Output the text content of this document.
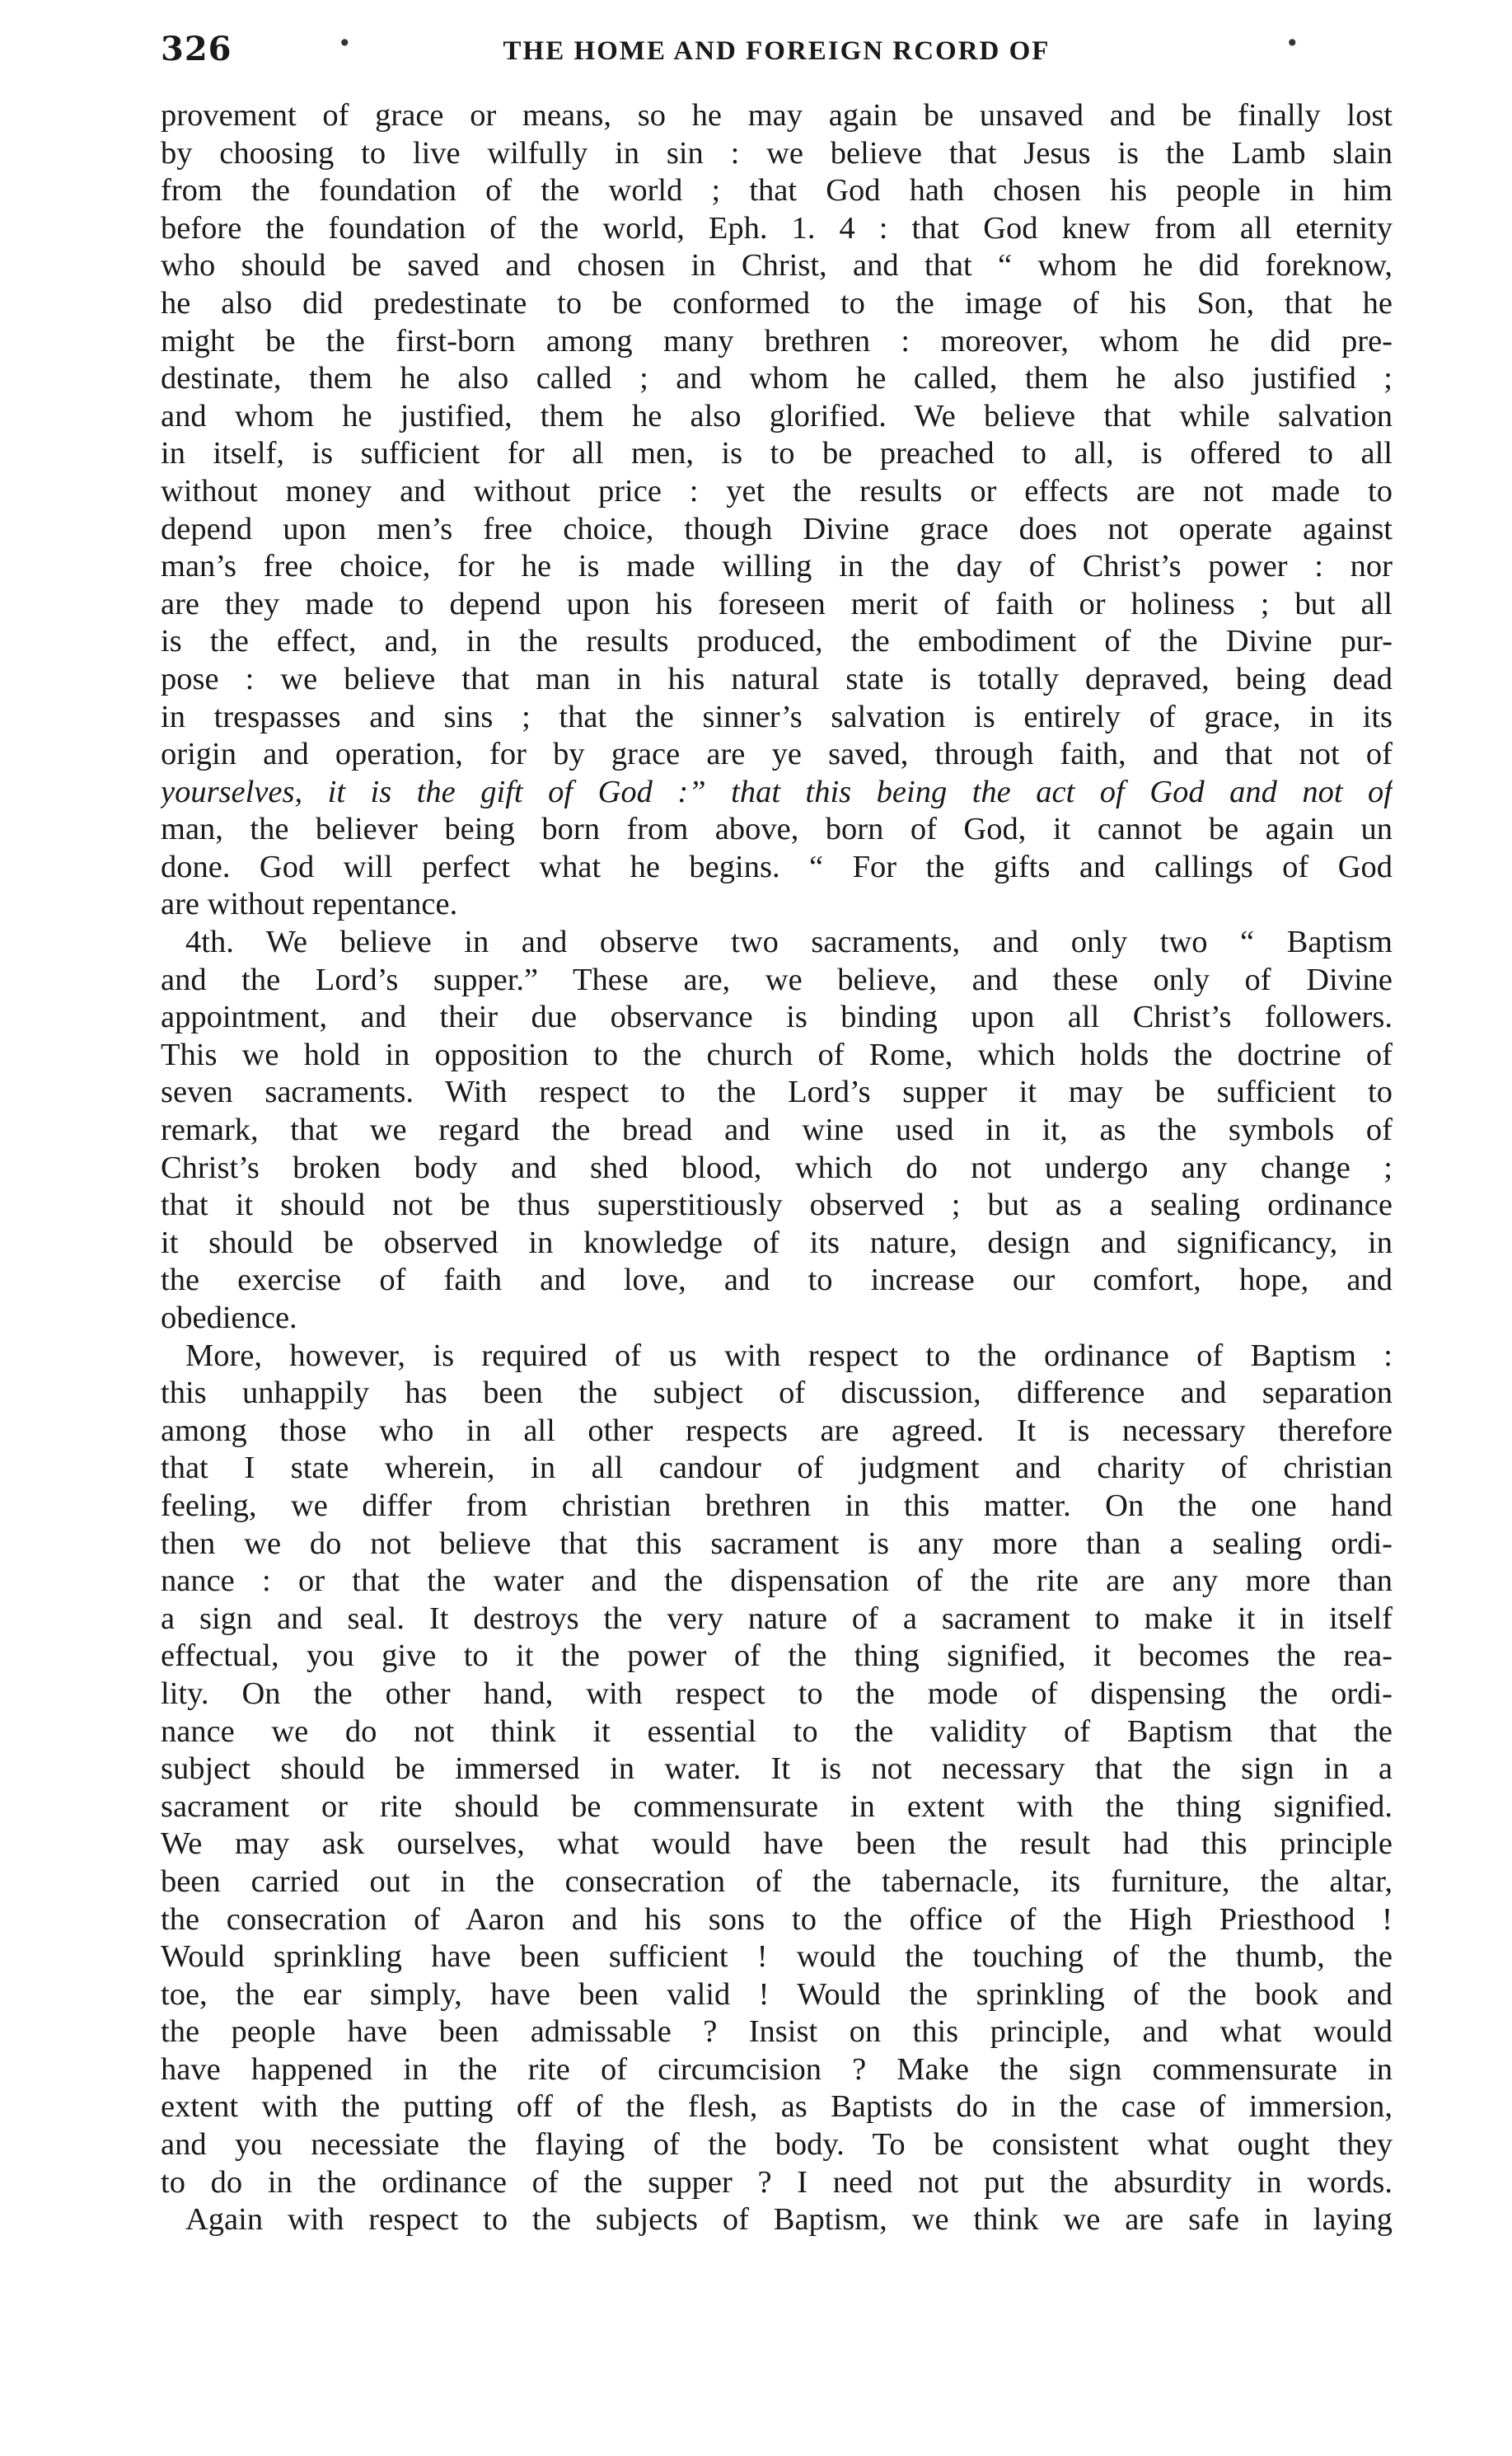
326	•	THE HOME AND FOREIGN RCORD OF	•
provement of grace or means, so he may again be unsaved and be finally lost
by choosing to live wilfully in sin : we believe that Jesus is the Lamb slain
from the foundation of the world ; that God hath chosen his people in him
before the foundation of the world, Eph. 1. 4 : that God knew from all eternity
who should be saved and chosen in Christ, and that “ whom he did foreknow,
he also did predestinate to be conformed to the image of his Son, that he
might be the first-born among many brethren : moreover, whom he did pre-
destinate, them he also called ; and whom he called, them he also justified ;
and whom he justified, them he also glorified. We believe that while salvation
in itself, is sufficient for all men, is to be preached to all, is offered to all
without money and without price : yet the results or effects are not made to
depend upon men’s free choice, though Divine grace does not operate against
man’s free choice, for he is made willing in the day of Christ’s power : nor
are they made to depend upon his foreseen merit of faith or holiness ; but all
is the effect, and, in the results produced, the embodiment of the Divine pur-
pose : we believe that man in his natural state is totally depraved, being dead
in trespasses and sins ; that the sinner’s salvation is entirely of grace, in its
origin and operation, for by grace are ye saved, through faith, and that not of
yourselves, it is the gift of God :” that this being the act of God and not of
man, the believer being born from above, born of God, it cannot be again un
done. God will perfect what he begins. “ For the gifts and callings of God
are without repentance.
4th. We believe in and observe two sacraments, and only two “ Baptism
and the Lord’s supper.” These are, we believe, and these only of Divine
appointment, and their due observance is binding upon all Christ’s followers.
This we hold in opposition to the church of Rome, which holds the doctrine of
seven sacraments. With respect to the Lord’s supper it may be sufficient to
remark, that we regard the bread and wine used in it, as the symbols of
Christ’s broken body and shed blood, which do not undergo any change ;
that it should not be thus superstitiously observed ; but as a sealing ordinance
it should be observed in knowledge of its nature, design and significancy, in
the exercise of faith and love, and to increase our comfort, hope, and
obedience.
More, however, is required of us with respect to the ordinance of Baptism :
this unhappily has been the subject of discussion, difference and separation
among those who in all other respects are agreed. It is necessary therefore
that I state wherein, in all candour of judgment and charity of christian
feeling, we differ from christian brethren in this matter. On the one hand
then we do not believe that this sacrament is any more than a sealing ordi-
nance : or that the water and the dispensation of the rite are any more than
a sign and seal. It destroys the very nature of a sacrament to make it in itself
effectual, you give to it the power of the thing signified, it becomes the rea-
lity. On the other hand, with respect to the mode of dispensing the ordi-
nance we do not think it essential to the validity of Baptism that the
subject should be immersed in water. It is not necessary that the sign in a
sacrament or rite should be commensurate in extent with the thing signified.
We may ask ourselves, what would have been the result had this principle
been carried out in the consecration of the tabernacle, its furniture, the altar,
the consecration of Aaron and his sons to the office of the High Priesthood !
Would sprinkling have been sufficient ! would the touching of the thumb, the
toe, the ear simply, have been valid ! Would the sprinkling of the book and
the people have been admissable ? Insist on this principle, and what would
have happened in the rite of circumcision ? Make the sign commensurate in
extent with the putting off of the flesh, as Baptists do in the case of immersion,
and you necessiate the flaying of the body. To be consistent what ought they
to do in the ordinance of the supper ? I need not put the absurdity in words.
Again with respect to the subjects of Baptism, we think we are safe in laying
